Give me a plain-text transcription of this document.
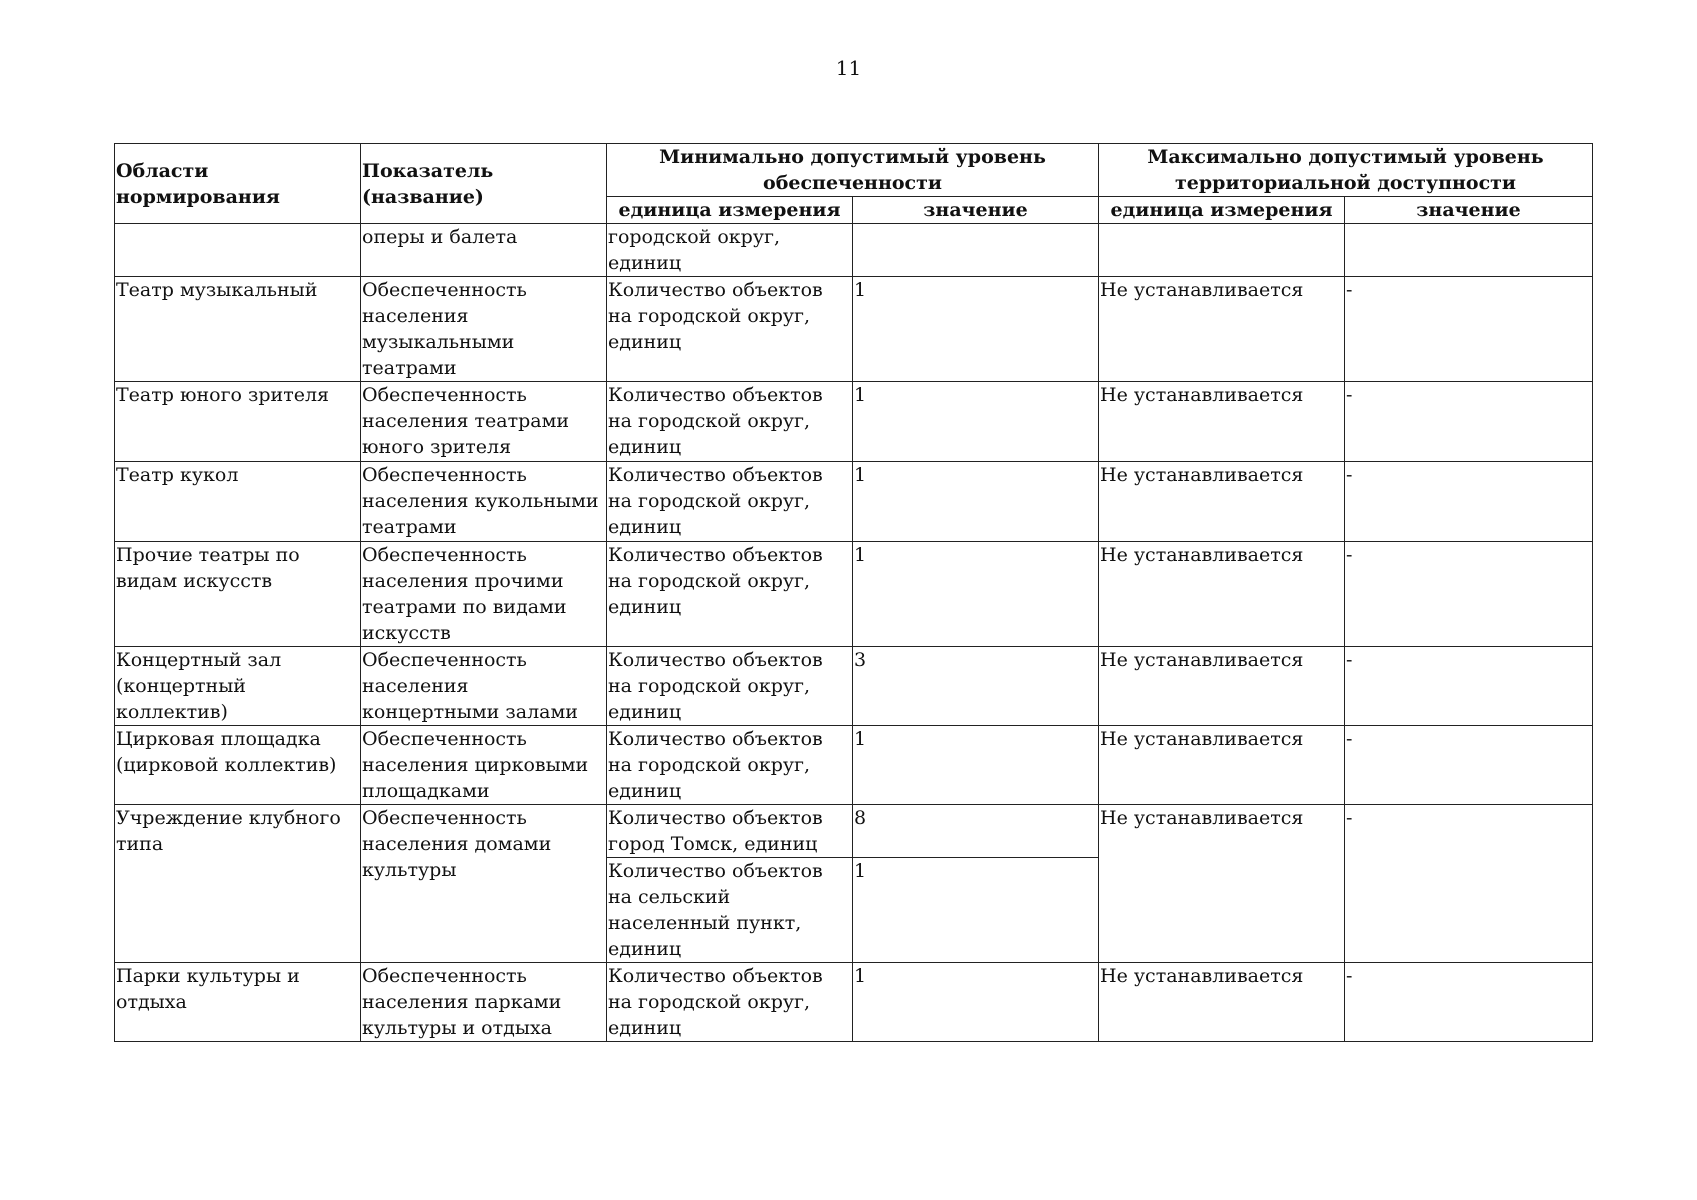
11
Области нормирования	Показатель (название)	Минимально допустимый уровень обеспеченности		Максимально допустимый уровень территориальной доступности	
		единица измерения	значение	единица измерения	значение
	оперы и балета	городской округ, единиц			
Театр музыкальный	Обеспеченность населения музыкальными театрами	Количество объектов на городской округ, единиц	1	Не устанавливается	-
Театр юного зрителя	Обеспеченность населения театрами юного зрителя	Количество объектов на городской округ, единиц	1	Не устанавливается	-
Театр кукол	Обеспеченность населения кукольными театрами	Количество объектов на городской округ, единиц	1	Не устанавливается	-
Прочие театры по видам искусств	Обеспеченность населения прочими театрами по видами искусств	Количество объектов на городской округ, единиц	1	Не устанавливается	-
Концертный зал (концертный коллектив)	Обеспеченность населения концертными залами	Количество объектов на городской округ, единиц	3	Не устанавливается	-
Цирковая площадка (цирковой коллектив)	Обеспеченность населения цирковыми площадками	Количество объектов на городской округ, единиц	1	Не устанавливается	-
Учреждение клубного типа	Обеспеченность населения домами культуры	Количество объектов город Томск, единиц	8	Не устанавливается	-
		Количество объектов на сельский населенный пункт, единиц	1		
Парки культуры и отдыха	Обеспеченность населения парками культуры и отдыха	Количество объектов на городской округ, единиц	1	Не устанавливается	-
